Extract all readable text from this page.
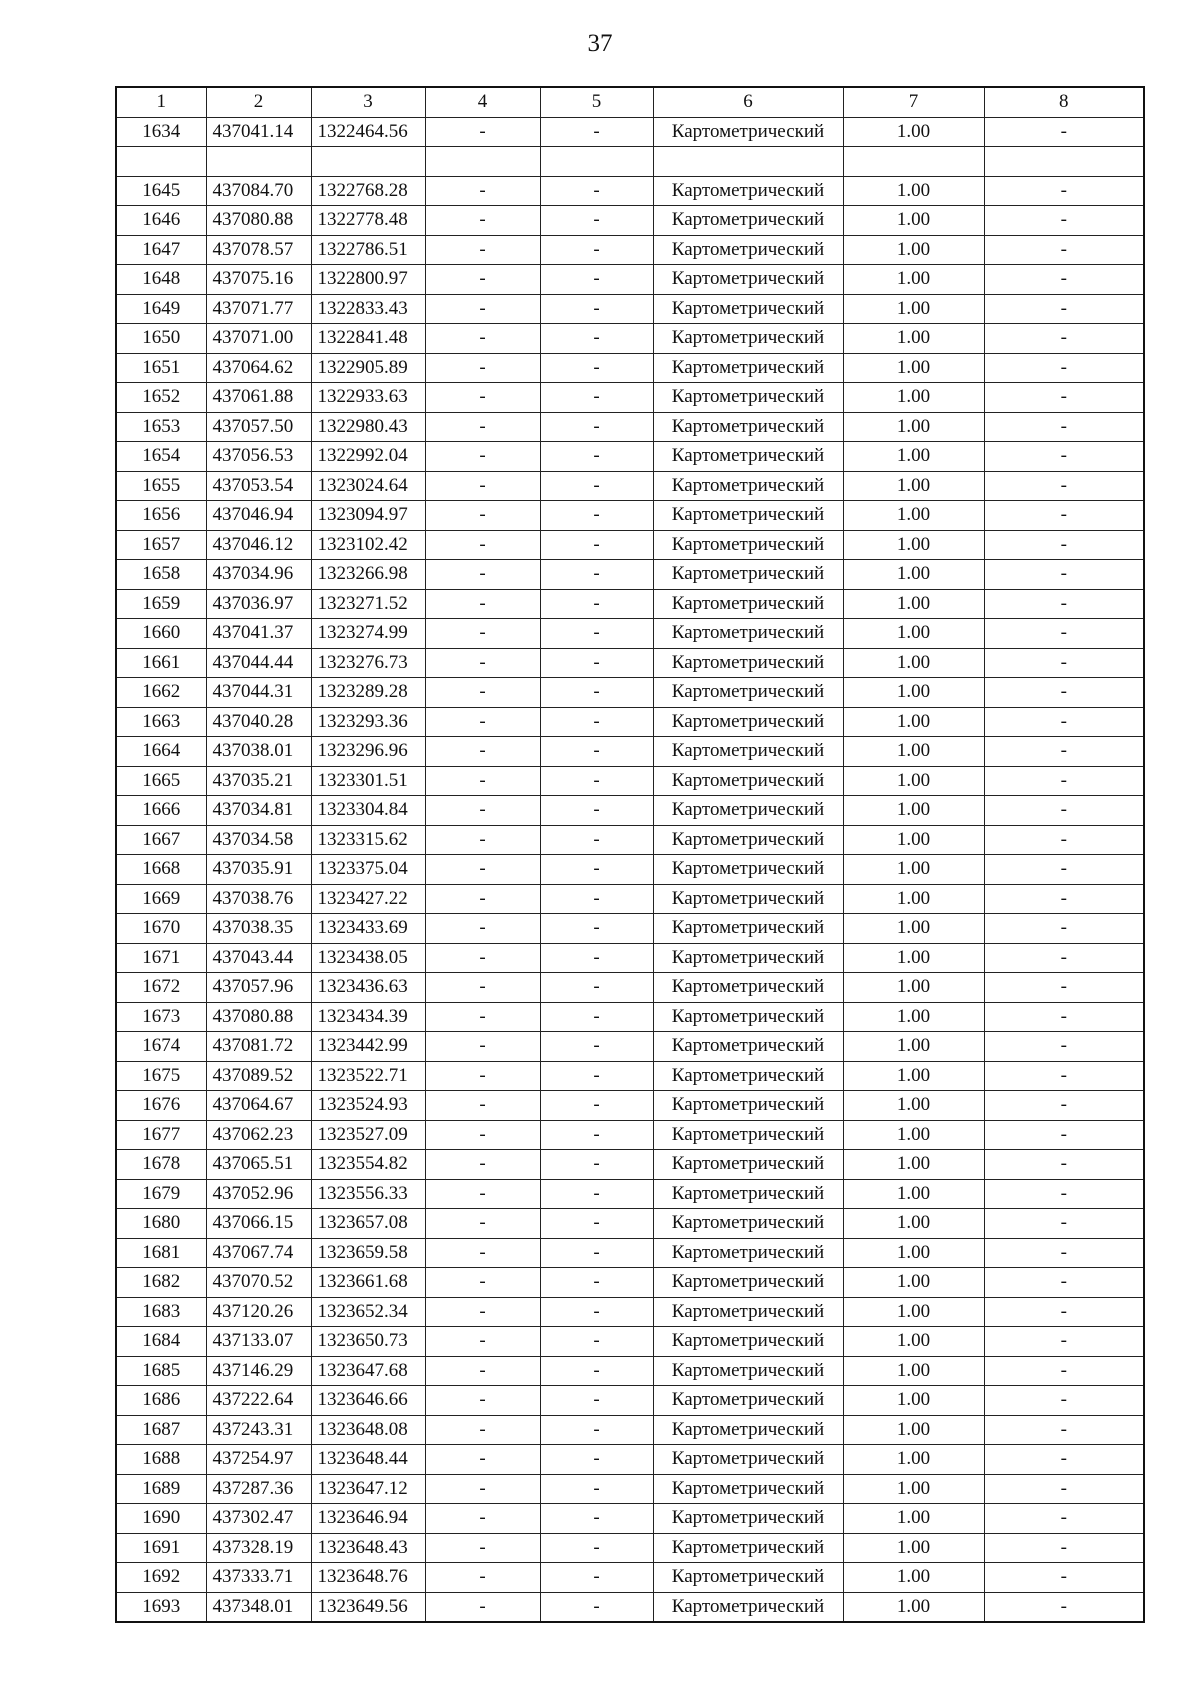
37
1	2	3	4	5	6	7	8
1634	437041.14	1322464.56	-	-	Картометрический	1.00	-

1645	437084.70	1322768.28	-	-	Картометрический	1.00	-
1646	437080.88	1322778.48	-	-	Картометрический	1.00	-
1647	437078.57	1322786.51	-	-	Картометрический	1.00	-
1648	437075.16	1322800.97	-	-	Картометрический	1.00	-
1649	437071.77	1322833.43	-	-	Картометрический	1.00	-
1650	437071.00	1322841.48	-	-	Картометрический	1.00	-
1651	437064.62	1322905.89	-	-	Картометрический	1.00	-
1652	437061.88	1322933.63	-	-	Картометрический	1.00	-
1653	437057.50	1322980.43	-	-	Картометрический	1.00	-
1654	437056.53	1322992.04	-	-	Картометрический	1.00	-
1655	437053.54	1323024.64	-	-	Картометрический	1.00	-
1656	437046.94	1323094.97	-	-	Картометрический	1.00	-
1657	437046.12	1323102.42	-	-	Картометрический	1.00	-
1658	437034.96	1323266.98	-	-	Картометрический	1.00	-
1659	437036.97	1323271.52	-	-	Картометрический	1.00	-
1660	437041.37	1323274.99	-	-	Картометрический	1.00	-
1661	437044.44	1323276.73	-	-	Картометрический	1.00	-
1662	437044.31	1323289.28	-	-	Картометрический	1.00	-
1663	437040.28	1323293.36	-	-	Картометрический	1.00	-
1664	437038.01	1323296.96	-	-	Картометрический	1.00	-
1665	437035.21	1323301.51	-	-	Картометрический	1.00	-
1666	437034.81	1323304.84	-	-	Картометрический	1.00	-
1667	437034.58	1323315.62	-	-	Картометрический	1.00	-
1668	437035.91	1323375.04	-	-	Картометрический	1.00	-
1669	437038.76	1323427.22	-	-	Картометрический	1.00	-
1670	437038.35	1323433.69	-	-	Картометрический	1.00	-
1671	437043.44	1323438.05	-	-	Картометрический	1.00	-
1672	437057.96	1323436.63	-	-	Картометрический	1.00	-
1673	437080.88	1323434.39	-	-	Картометрический	1.00	-
1674	437081.72	1323442.99	-	-	Картометрический	1.00	-
1675	437089.52	1323522.71	-	-	Картометрический	1.00	-
1676	437064.67	1323524.93	-	-	Картометрический	1.00	-
1677	437062.23	1323527.09	-	-	Картометрический	1.00	-
1678	437065.51	1323554.82	-	-	Картометрический	1.00	-
1679	437052.96	1323556.33	-	-	Картометрический	1.00	-
1680	437066.15	1323657.08	-	-	Картометрический	1.00	-
1681	437067.74	1323659.58	-	-	Картометрический	1.00	-
1682	437070.52	1323661.68	-	-	Картометрический	1.00	-
1683	437120.26	1323652.34	-	-	Картометрический	1.00	-
1684	437133.07	1323650.73	-	-	Картометрический	1.00	-
1685	437146.29	1323647.68	-	-	Картометрический	1.00	-
1686	437222.64	1323646.66	-	-	Картометрический	1.00	-
1687	437243.31	1323648.08	-	-	Картометрический	1.00	-
1688	437254.97	1323648.44	-	-	Картометрический	1.00	-
1689	437287.36	1323647.12	-	-	Картометрический	1.00	-
1690	437302.47	1323646.94	-	-	Картометрический	1.00	-
1691	437328.19	1323648.43	-	-	Картометрический	1.00	-
1692	437333.71	1323648.76	-	-	Картометрический	1.00	-
1693	437348.01	1323649.56	-	-	Картометрический	1.00	-
